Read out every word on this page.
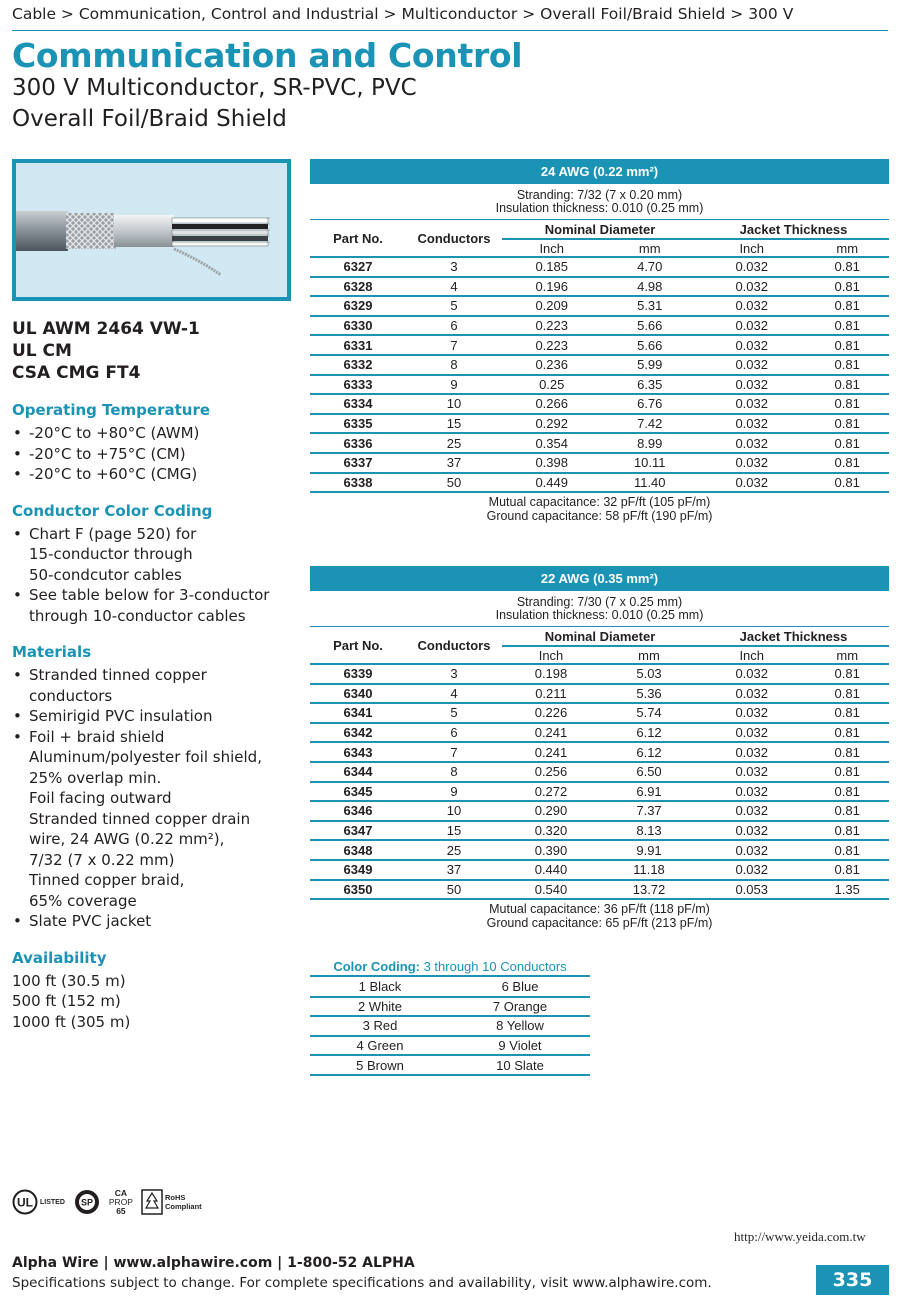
Cable > Communication, Control and Industrial > Multiconductor > Overall Foil/Braid Shield > 300 V
Communication and Control
300 V Multiconductor, SR-PVC, PVC
Overall Foil/Braid Shield
UL AWM 2464 VW-1
UL CM
CSA CMG FT4
Operating Temperature
• -20°C to +80°C (AWM)
• -20°C to +75°C (CM)
• -20°C to +60°C (CMG)
Conductor Color Coding
• Chart F (page 520) for
15-conductor through
50-condcutor cables
• See table below for 3-conductor
through 10-conductor cables
Materials
• Stranded tinned copper
conductors
• Semirigid PVC insulation
• Foil + braid shield
Aluminum/polyester foil shield,
25% overlap min.
Foil facing outward
Stranded tinned copper drain
wire, 24 AWG (0.22 mm²),
7/32 (7 x 0.22 mm)
Tinned copper braid,
65% coverage
• Slate PVC jacket
Availability
100 ft (30.5 m)
500 ft (152 m)
1000 ft (305 m)
24 AWG (0.22 mm²)
Stranding: 7/32 (7 x 0.20 mm)
Insulation thickness: 0.010 (0.25 mm)
Part No.	Conductors	Nominal Diameter		Jacket Thickness	
		Inch	mm	Inch	mm
6327	3	0.185	4.70	0.032	0.81
6328	4	0.196	4.98	0.032	0.81
6329	5	0.209	5.31	0.032	0.81
6330	6	0.223	5.66	0.032	0.81
6331	7	0.223	5.66	0.032	0.81
6332	8	0.236	5.99	0.032	0.81
6333	9	0.25	6.35	0.032	0.81
6334	10	0.266	6.76	0.032	0.81
6335	15	0.292	7.42	0.032	0.81
6336	25	0.354	8.99	0.032	0.81
6337	37	0.398	10.11	0.032	0.81
6338	50	0.449	11.40	0.032	0.81
Mutual capacitance: 32 pF/ft (105 pF/m)
Ground capacitance: 58 pF/ft (190 pF/m)
22 AWG (0.35 mm²)
Stranding: 7/30 (7 x 0.25 mm)
Insulation thickness: 0.010 (0.25 mm)
Part No.	Conductors	Nominal Diameter		Jacket Thickness	
		Inch	mm	Inch	mm
6339	3	0.198	5.03	0.032	0.81
6340	4	0.211	5.36	0.032	0.81
6341	5	0.226	5.74	0.032	0.81
6342	6	0.241	6.12	0.032	0.81
6343	7	0.241	6.12	0.032	0.81
6344	8	0.256	6.50	0.032	0.81
6345	9	0.272	6.91	0.032	0.81
6346	10	0.290	7.37	0.032	0.81
6347	15	0.320	8.13	0.032	0.81
6348	25	0.390	9.91	0.032	0.81
6349	37	0.440	11.18	0.032	0.81
6350	50	0.540	13.72	0.053	1.35
Mutual capacitance: 36 pF/ft (118 pF/m)
Ground capacitance: 65 pF/ft (213 pF/m)
Color Coding: 3 through 10 Conductors
1 Black	6 Blue
2 White	7 Orange
3 Red	8 Yellow
4 Green	9 Violet
5 Brown	10 Slate
UL LISTED SP
CA
PROP
65
RoHS
Compliant
http://www.yeida.com.tw
Alpha Wire | www.alphawire.com | 1-800-52 ALPHA
Specifications subject to change. For complete specifications and availability, visit www.alphawire.com.	335
